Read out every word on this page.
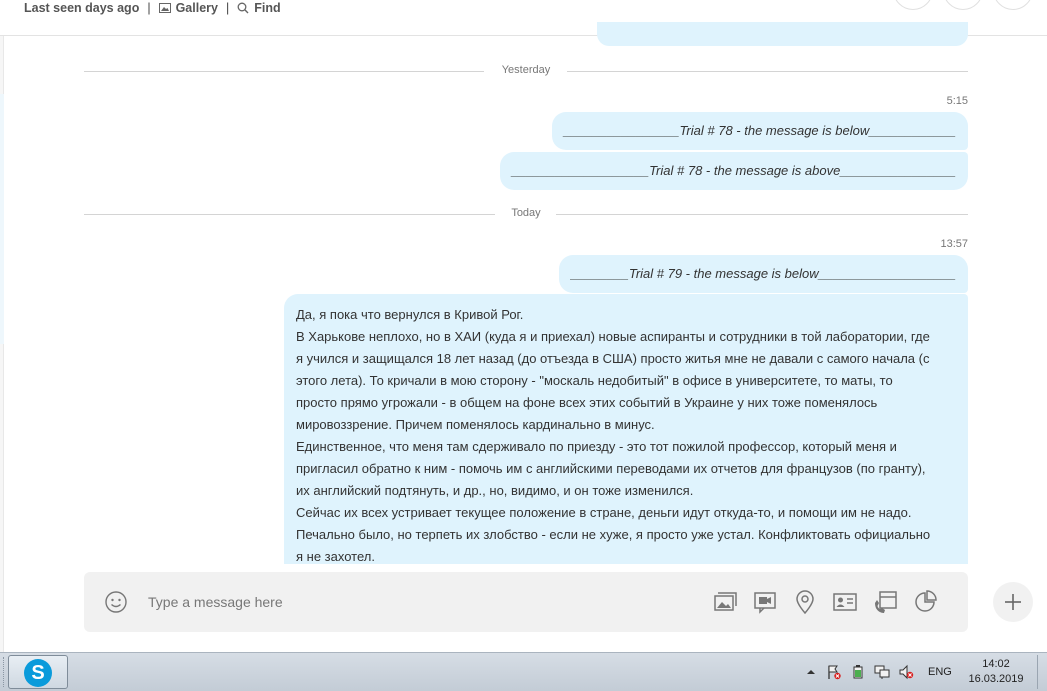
Last seen days ago | Gallery | Find
Yesterday
5:15
________________Trial # 78 - the message is below____________
___________________Trial # 78 - the message is above________________
Today
13:57
________Trial # 79 - the message is below___________________

Да, я пока что вернулся в Кривой Рог.

В Харькове неплохо, но в ХАИ (куда я и приехал) новые аспиранты и сотрудники в той лаборатории, где

я учился и защищался 18 лет назад (до отъезда в США) просто житья мне не давали с самого начала (с

этого лета). То кричали в мою сторону - "москаль недобитый" в офисе в университете, то маты, то

просто прямо угрожали - в общем на фоне всех этих событий в Украине у них тоже поменялось

мировоззрение. Причем поменялось кардинально в минус.

Единственное, что меня там сдерживало по приезду - это тот пожилой профессор, который меня и

пригласил обратно к ним - помочь им с английскими переводами их отчетов для французов (по гранту),

их английский подтянуть, и др., но, видимо, и он тоже изменился.

Сейчас их всех устривает текущее положение в стране, деньги идут откуда-то, и помощи им не надо.

Печально было, но терпеть их злобство - если не хуже, я просто уже устал. Конфликтовать официально

я не захотел.

Type a message here
S	ENG
14:02
16.03.2019
